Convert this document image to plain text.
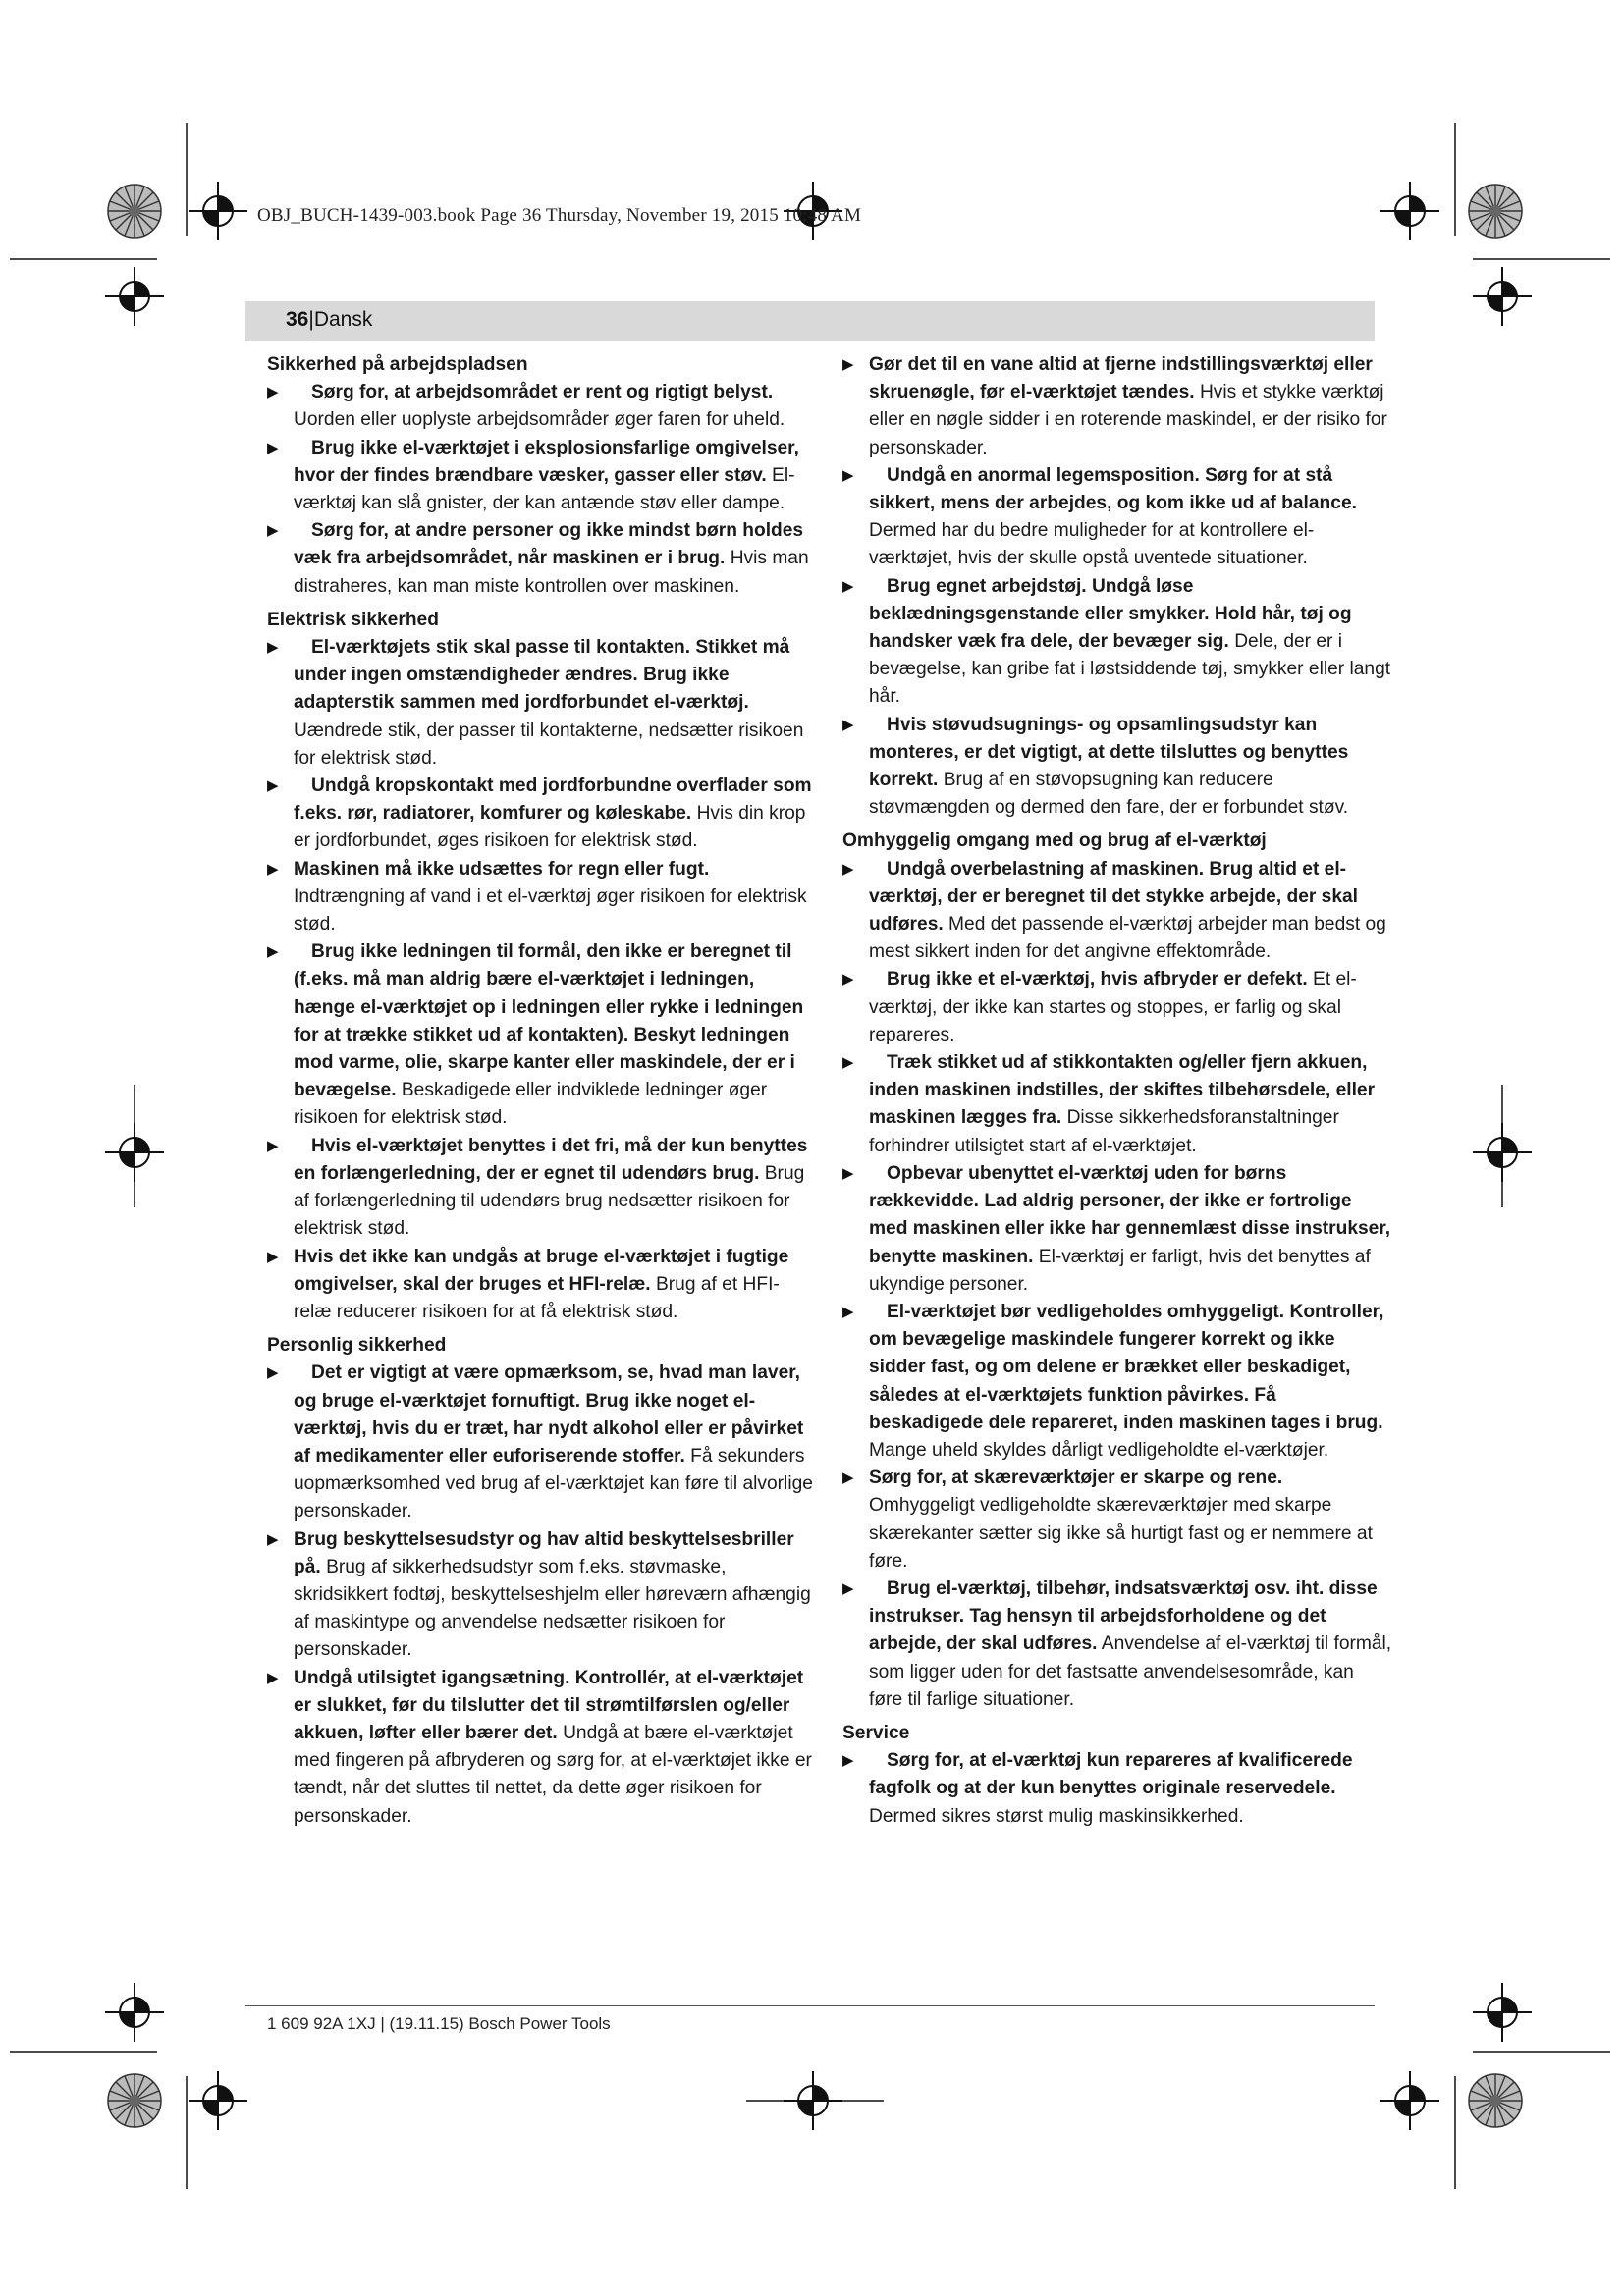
OBJ_BUCH-1439-003.book Page 36 Thursday, November 19, 2015 10:48 AM
36|Dansk

Sikkerhed på arbejdspladsen

▶ Sørg for, at arbejdsområdet er rent og rigtigt belyst. Uorden eller uoplyste arbejdsområder øger faren for uheld.
▶ Brug ikke el-værktøjet i eksplosionsfarlige omgivelser, hvor der findes brændbare væsker, gasser eller støv. El-værktøj kan slå gnister, der kan antænde støv eller dampe.
▶ Sørg for, at andre personer og ikke mindst børn holdes væk fra arbejdsområdet, når maskinen er i brug. Hvis man distraheres, kan man miste kontrollen over maskinen.

Elektrisk sikkerhed

▶ El-værktøjets stik skal passe til kontakten. Stikket må under ingen omstændigheder ændres. Brug ikke adapterstik sammen med jordforbundet el-værktøj. Uændrede stik, der passer til kontakterne, nedsætter risikoen for elektrisk stød.
▶ Undgå kropskontakt med jordforbundne overflader som f.eks. rør, radiatorer, komfurer og køleskabe. Hvis din krop er jordforbundet, øges risikoen for elektrisk stød.
▶ Maskinen må ikke udsættes for regn eller fugt. Indtrængning af vand i et el-værktøj øger risikoen for elektrisk stød.
▶ Brug ikke ledningen til formål, den ikke er beregnet til (f.eks. må man aldrig bære el-værktøjet i ledningen, hænge el-værktøjet op i ledningen eller rykke i ledningen for at trække stikket ud af kontakten). Beskyt ledningen mod varme, olie, skarpe kanter eller maskindele, der er i bevægelse. Beskadigede eller indviklede ledninger øger risikoen for elektrisk stød.
▶ Hvis el-værktøjet benyttes i det fri, må der kun benyttes en forlængerledning, der er egnet til udendørs brug. Brug af forlængerledning til udendørs brug nedsætter risikoen for elektrisk stød.
▶ Hvis det ikke kan undgås at bruge el-værktøjet i fugtige omgivelser, skal der bruges et HFI-relæ. Brug af et HFI-relæ reducerer risikoen for at få elektrisk stød.

Personlig sikkerhed

▶ Det er vigtigt at være opmærksom, se, hvad man laver, og bruge el-værktøjet fornuftigt. Brug ikke noget el-værktøj, hvis du er træt, har nydt alkohol eller er påvirket af medikamenter eller euforiserende stoffer. Få sekunders uopmærksomhed ved brug af el-værktøjet kan føre til alvorlige personskader.
▶ Brug beskyttelsesudstyr og hav altid beskyttelsesbriller på. Brug af sikkerhedsudstyr som f.eks. støvmaske, skridsikkert fodtøj, beskyttelseshjelm eller høreværn afhængig af maskintype og anvendelse nedsætter risikoen for personskader.
▶ Undgå utilsigtet igangsætning. Kontrollér, at el-værktøjet er slukket, før du tilslutter det til strømtilførslen og/eller akkuen, løfter eller bærer det. Undgå at bære el-værktøjet med fingeren på afbryderen og sørg for, at el-værktøjet ikke er tændt, når det sluttes til nettet, da dette øger risikoen for personskader.
▶ Gør det til en vane altid at fjerne indstillingsværktøj eller skruenøgle, før el-værktøjet tændes. Hvis et stykke værktøj eller en nøgle sidder i en roterende maskindel, er der risiko for personskader.
▶ Undgå en anormal legemsposition. Sørg for at stå sikkert, mens der arbejdes, og kom ikke ud af balance. Dermed har du bedre muligheder for at kontrollere el-værktøjet, hvis der skulle opstå uventede situationer.
▶ Brug egnet arbejdstøj. Undgå løse beklædningsgenstande eller smykker. Hold hår, tøj og handsker væk fra dele, der bevæger sig. Dele, der er i bevægelse, kan gribe fat i løstsiddende tøj, smykker eller langt hår.
▶ Hvis støvudsugnings- og opsamlingsudstyr kan monteres, er det vigtigt, at dette tilsluttes og benyttes korrekt. Brug af en støvopsugning kan reducere støvmængden og dermed den fare, der er forbundet støv.

Omhyggelig omgang med og brug af el-værktøj

▶ Undgå overbelastning af maskinen. Brug altid et el-værktøj, der er beregnet til det stykke arbejde, der skal udføres. Med det passende el-værktøj arbejder man bedst og mest sikkert inden for det angivne effektområde.
▶ Brug ikke et el-værktøj, hvis afbryder er defekt. Et el-værktøj, der ikke kan startes og stoppes, er farlig og skal repareres.
▶ Træk stikket ud af stikkontakten og/eller fjern akkuen, inden maskinen indstilles, der skiftes tilbehørsdele, eller maskinen lægges fra. Disse sikkerhedsforanstaltninger forhindrer utilsigtet start af el-værktøjet.
▶ Opbevar ubenyttet el-værktøj uden for børns rækkevidde. Lad aldrig personer, der ikke er fortrolige med maskinen eller ikke har gennemlæst disse instrukser, benytte maskinen. El-værktøj er farligt, hvis det benyttes af ukyndige personer.
▶ El-værktøjet bør vedligeholdes omhyggeligt. Kontroller, om bevægelige maskindele fungerer korrekt og ikke sidder fast, og om delene er brækket eller beskadiget, således at el-værktøjets funktion påvirkes. Få beskadigede dele repareret, inden maskinen tages i brug. Mange uheld skyldes dårligt vedligeholdte el-værktøjer.
▶ Sørg for, at skæreværktøjer er skarpe og rene. Omhyggeligt vedligeholdte skæreværktøjer med skarpe skærekanter sætter sig ikke så hurtigt fast og er nemmere at føre.
▶ Brug el-værktøj, tilbehør, indsatsværktøj osv. iht. disse instrukser. Tag hensyn til arbejdsforholdene og det arbejde, der skal udføres. Anvendelse af el-værktøj til formål, som ligger uden for det fastsatte anvendelsesområde, kan føre til farlige situationer.

Service

▶ Sørg for, at el-værktøj kun repareres af kvalificerede fagfolk og at der kun benyttes originale reservedele. Dermed sikres størst mulig maskinsikkerhed.
1 609 92A 1XJ | (19.11.15) Bosch Power Tools
